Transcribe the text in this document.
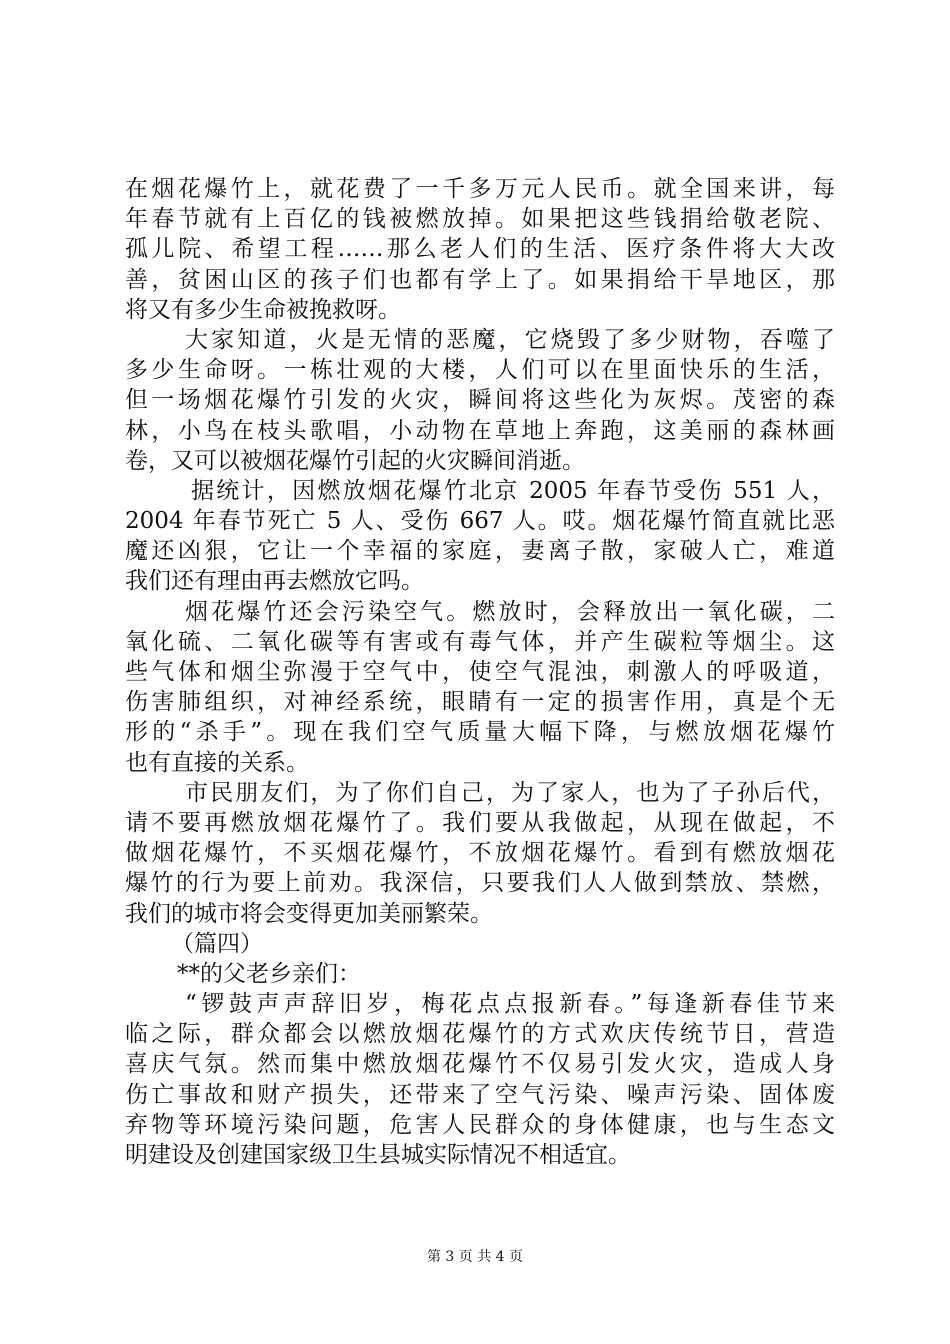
在烟花爆竹上，就花费了一千多万元人民币。就全国来讲，每
年春节就有上百亿的钱被燃放掉。如果把这些钱捐给敬老院、
孤儿院、希望工程……那么老人们的生活、医疗条件将大大改
善，贫困山区的孩子们也都有学上了。如果捐给干旱地区，那
将又有多少生命被挽救呀。
大家知道，火是无情的恶魔，它烧毁了多少财物，吞噬了
多少生命呀。一栋壮观的大楼，人们可以在里面快乐的生活，
但一场烟花爆竹引发的火灾，瞬间将这些化为灰烬。茂密的森
林，小鸟在枝头歌唱，小动物在草地上奔跑，这美丽的森林画
卷，又可以被烟花爆竹引起的火灾瞬间消逝。
据统计，因燃放烟花爆竹北京 2005 年春节受伤 551 人，
2004 年春节死亡 5 人、受伤 667 人。哎。烟花爆竹简直就比恶
魔还凶狠，它让一个幸福的家庭，妻离子散，家破人亡，难道
我们还有理由再去燃放它吗。
烟花爆竹还会污染空气。燃放时，会释放出一氧化碳，二
氧化硫、二氧化碳等有害或有毒气体，并产生碳粒等烟尘。这
些气体和烟尘弥漫于空气中，使空气混浊，刺激人的呼吸道，
伤害肺组织，对神经系统，眼睛有一定的损害作用，真是个无
形的“杀手”。现在我们空气质量大幅下降，与燃放烟花爆竹
也有直接的关系。
市民朋友们，为了你们自己，为了家人，也为了子孙后代，
请不要再燃放烟花爆竹了。我们要从我做起，从现在做起，不
做烟花爆竹，不买烟花爆竹，不放烟花爆竹。看到有燃放烟花
爆竹的行为要上前劝。我深信，只要我们人人做到禁放、禁燃，
我们的城市将会变得更加美丽繁荣。
（篇四）
**的父老乡亲们：
“锣鼓声声辞旧岁，梅花点点报新春。”每逢新春佳节来
临之际，群众都会以燃放烟花爆竹的方式欢庆传统节日，营造
喜庆气氛。然而集中燃放烟花爆竹不仅易引发火灾，造成人身
伤亡事故和财产损失，还带来了空气污染、噪声污染、固体废
弃物等环境污染问题，危害人民群众的身体健康，也与生态文
明建设及创建国家级卫生县城实际情况不相适宜。
第 3 页 共 4 页
